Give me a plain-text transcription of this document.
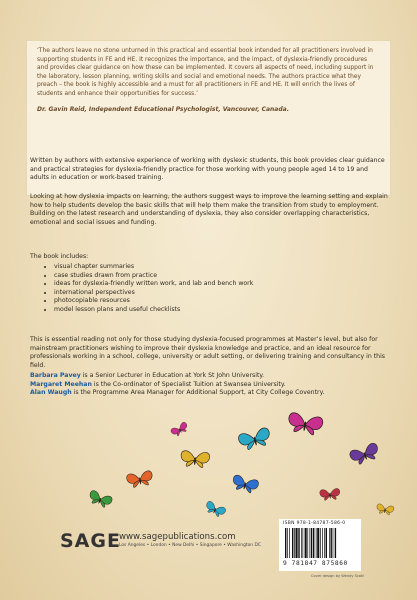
‘The authors leave no stone unturned in this practical and essential book intended for all practitioners involved in supporting students in FE and HE. It recognizes the importance, and the impact, of dyslexia-friendly procedures and provides clear guidance on how these can be implemented. It covers all aspects of need, including support in the laboratory, lesson planning, writing skills and social and emotional needs. The authors practice what they preach – the book is highly accessible and a must for all practitioners in FE and HE. It will enrich the lives of students and enhance their opportunities for success.’

Dr. Gavin Reid, Independent Educational Psychologist, Vancouver, Canada.

Written by authors with extensive experience of working with dyslexic students, this book provides clear guidance and practical strategies for dyslexia-friendly practice for those working with young people aged 14 to 19 and adults in education or work-based training.

Looking at how dyslexia impacts on learning, the authors suggest ways to improve the learning setting and explain how to help students develop the basic skills that will help them make the transition from study to employment. Building on the latest research and understanding of dyslexia, they also consider overlapping characteristics, emotional and social issues and funding.

The book includes:

• visual chapter summaries
• case studies drawn from practice
• ideas for dyslexia-friendly written work, and lab and bench work
• international perspectives
• photocopiable resources
• model lesson plans and useful checklists

This is essential reading not only for those studying dyslexia-focused programmes at Master’s level, but also for mainstream practitioners wishing to improve their dyslexia knowledge and practice, and an ideal resource for professionals working in a school, college, university or adult setting, or delivering training and consultancy in this field.

Barbara Pavey is a Senior Lecturer in Education at York St John University.
Margaret Meehan is the Co-ordinator of Specialist Tuition at Swansea University.
Alan Waugh is the Programme Area Manager for Additional Support, at City College Coventry.
SAGE
www.sagepublications.com
Los Angeles • London • New Delhi • Singapore • Washington DC
ISBN 978-1-84787-586-0
9 781847 875860
Cover design by Wendy Scott
